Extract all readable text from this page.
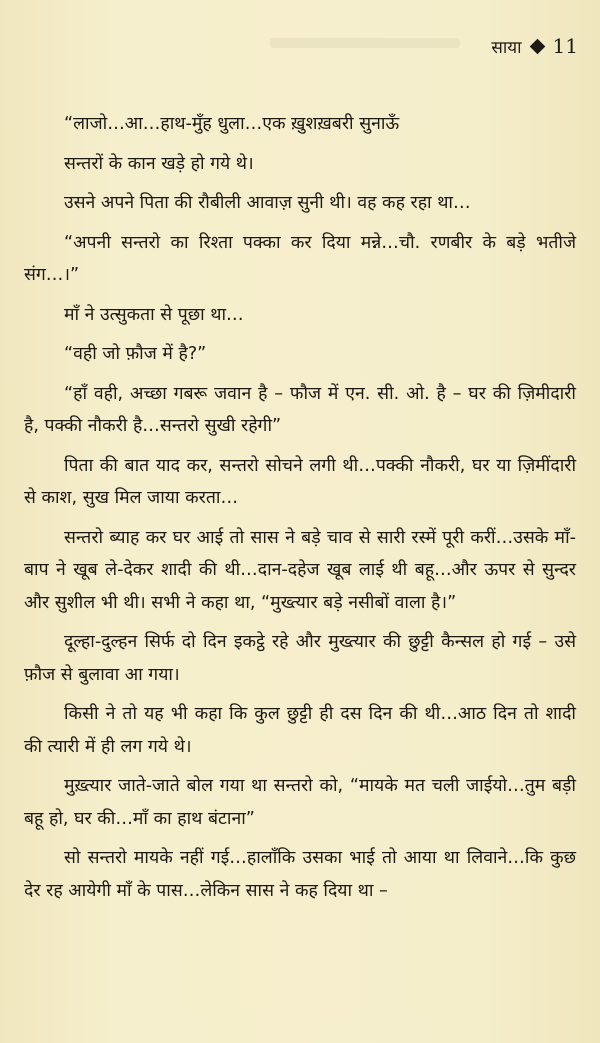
साया 11

“लाजो…आ…हाथ-मुँह धुला…एक ख़ुशख़बरी सुनाऊँ

सन्तरों के कान खड़े हो गये थे।

उसने अपने पिता की रौबीली आवाज़ सुनी थी। वह कह रहा था…

“अपनी सन्तरो का रिश्ता पक्का कर दिया मन्ने…चौ. रणबीर के बड़े भतीजे संग…।”

माँ ने उत्सुकता से पूछा था…

“वही जो फ़ौज में है?”

“हाँ वही, अच्छा गबरू जवान है – फौज में एन. सी. ओ. है – घर की ज़िमीदारी है, पक्की नौकरी है…सन्तरो सुखी रहेगी”

पिता की बात याद कर, सन्तरो सोचने लगी थी…पक्की नौकरी, घर या ज़िमींदारी से काश, सुख मिल जाया करता…

सन्तरो ब्याह कर घर आई तो सास ने बड़े चाव से सारी रस्में पूरी करीं…उसके माँ-बाप ने खूब ले-देकर शादी की थी…दान-दहेज खूब लाई थी बहू…और ऊपर से सुन्दर और सुशील भी थी। सभी ने कहा था, “मुख्त्यार बड़े नसीबों वाला है।”

दूल्हा-दुल्हन सिर्फ दो दिन इकट्ठे रहे और मुख्त्यार की छुट्टी कैन्सल हो गई – उसे फ़ौज से बुलावा आ गया।

किसी ने तो यह भी कहा कि कुल छुट्टी ही दस दिन की थी…आठ दिन तो शादी की त्यारी में ही लग गये थे।

मुख़्त्यार जाते-जाते बोल गया था सन्तरो को, “मायके मत चली जाईयो…तुम बड़ी बहू हो, घर की…माँ का हाथ बंटाना”

सो सन्तरो मायके नहीं गई…हालाँकि उसका भाई तो आया था लिवाने…कि कुछ देर रह आयेगी माँ के पास…लेकिन सास ने कह दिया था –
